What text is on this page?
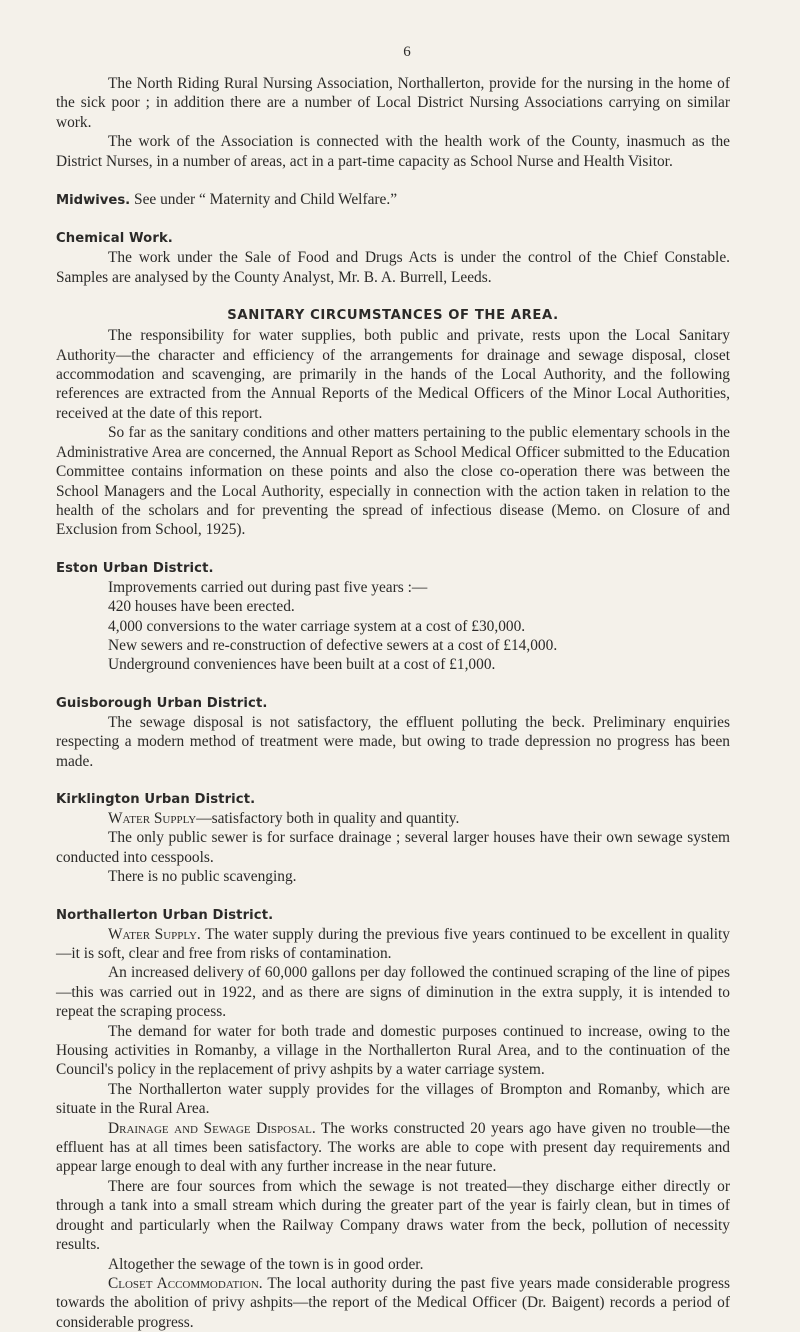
6

The North Riding Rural Nursing Association, Northallerton, provide for the nursing in the home of the sick poor ; in addition there are a number of Local District Nursing Associations carrying on similar work.

The work of the Association is connected with the health work of the County, inasmuch as the District Nurses, in a number of areas, act in a part-time capacity as School Nurse and Health Visitor.

Midwives. See under “ Maternity and Child Welfare.”

Chemical Work.

The work under the Sale of Food and Drugs Acts is under the control of the Chief Constable. Samples are analysed by the County Analyst, Mr. B. A. Burrell, Leeds.

SANITARY CIRCUMSTANCES OF THE AREA.

The responsibility for water supplies, both public and private, rests upon the Local Sanitary Authority—the character and efficiency of the arrangements for drainage and sewage disposal, closet accommodation and scavenging, are primarily in the hands of the Local Authority, and the following references are extracted from the Annual Reports of the Medical Officers of the Minor Local Authorities, received at the date of this report.

So far as the sanitary conditions and other matters pertaining to the public elementary schools in the Administrative Area are concerned, the Annual Report as School Medical Officer submitted to the Education Committee contains information on these points and also the close co-operation there was between the School Managers and the Local Authority, especially in connection with the action taken in relation to the health of the scholars and for preventing the spread of infectious disease (Memo. on Closure of and Exclusion from School, 1925).

Eston Urban District.

Improvements carried out during past five years :—

420 houses have been erected.

4,000 conversions to the water carriage system at a cost of £30,000.

New sewers and re-construction of defective sewers at a cost of £14,000.

Underground conveniences have been built at a cost of £1,000.

Guisborough Urban District.

The sewage disposal is not satisfactory, the effluent polluting the beck. Preliminary enquiries respecting a modern method of treatment were made, but owing to trade depression no progress has been made.

Kirklington Urban District.

Water Supply—satisfactory both in quality and quantity.

The only public sewer is for surface drainage ; several larger houses have their own sewage system conducted into cesspools.

There is no public scavenging.

Northallerton Urban District.

Water Supply. The water supply during the previous five years continued to be excellent in quality—it is soft, clear and free from risks of contamination.

An increased delivery of 60,000 gallons per day followed the continued scraping of the line of pipes—this was carried out in 1922, and as there are signs of diminution in the extra supply, it is intended to repeat the scraping process.

The demand for water for both trade and domestic purposes continued to increase, owing to the Housing activities in Romanby, a village in the Northallerton Rural Area, and to the continuation of the Council's policy in the replacement of privy ashpits by a water carriage system.

The Northallerton water supply provides for the villages of Brompton and Romanby, which are situate in the Rural Area.

Drainage and Sewage Disposal. The works constructed 20 years ago have given no trouble—the effluent has at all times been satisfactory. The works are able to cope with present day requirements and appear large enough to deal with any further increase in the near future.

There are four sources from which the sewage is not treated—they discharge either directly or through a tank into a small stream which during the greater part of the year is fairly clean, but in times of drought and particularly when the Railway Company draws water from the beck, pollution of necessity results.

Altogether the sewage of the town is in good order.

Closet Accommodation. The local authority during the past five years made considerable progress towards the abolition of privy ashpits—the report of the Medical Officer (Dr. Baigent) records a period of considerable progress.
